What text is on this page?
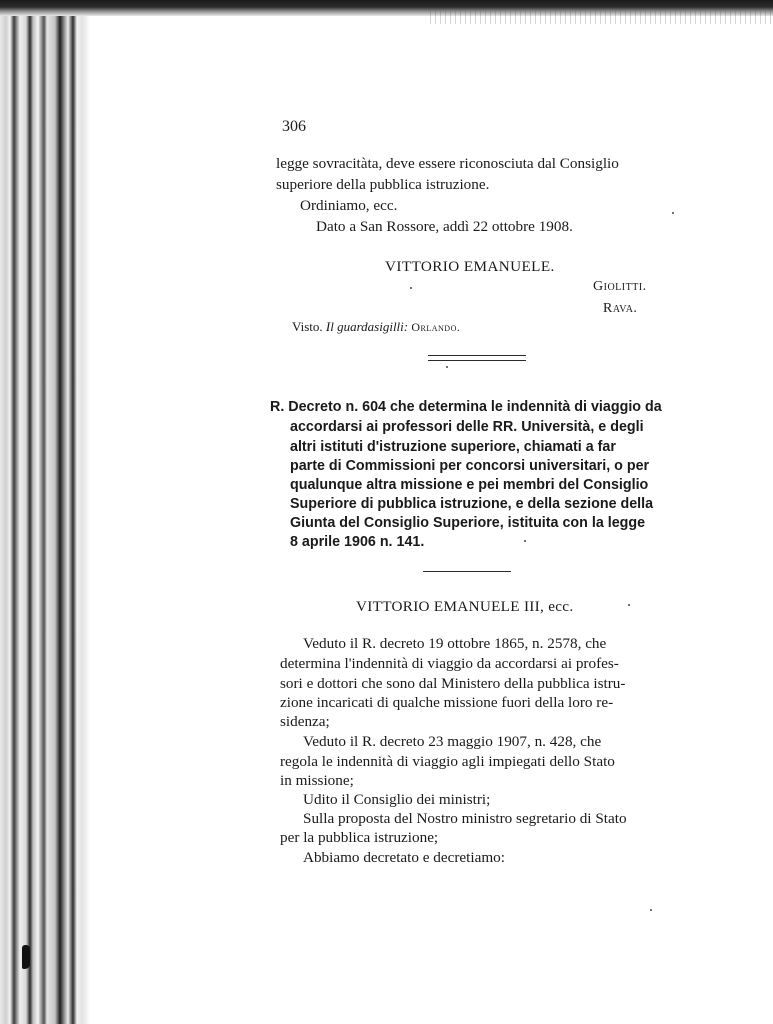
306
legge sovracitàta, deve essere riconosciuta dal Consiglio
superiore della pubblica istruzione.
Ordiniamo, ecc.
Dato a San Rossore, addì 22 ottobre 1908.
VITTORIO EMANUELE.
Giolitti.
Rava.
Visto. Il guardasigilli: Orlando.
R. Decreto n. 604 che determina le indennità di viaggio da
accordarsi ai professori delle RR. Università, e degli
altri istituti d'istruzione superiore, chiamati a far
parte di Commissioni per concorsi universitari, o per
qualunque altra missione e pei membri del Consiglio
Superiore di pubblica istruzione, e della sezione della
Giunta del Consiglio Superiore, istituita con la legge
8 aprile 1906 n. 141.
VITTORIO EMANUELE III, ecc.
Veduto il R. decreto 19 ottobre 1865, n. 2578, che
determina l'indennità di viaggio da accordarsi ai profes-
sori e dottori che sono dal Ministero della pubblica istru-
zione incaricati di qualche missione fuori della loro re-
sidenza;
Veduto il R. decreto 23 maggio 1907, n. 428, che
regola le indennità di viaggio agli impiegati dello Stato
in missione;
Udito il Consiglio dei ministri;
Sulla proposta del Nostro ministro segretario di Stato
per la pubblica istruzione;
Abbiamo decretato e decretiamo:
